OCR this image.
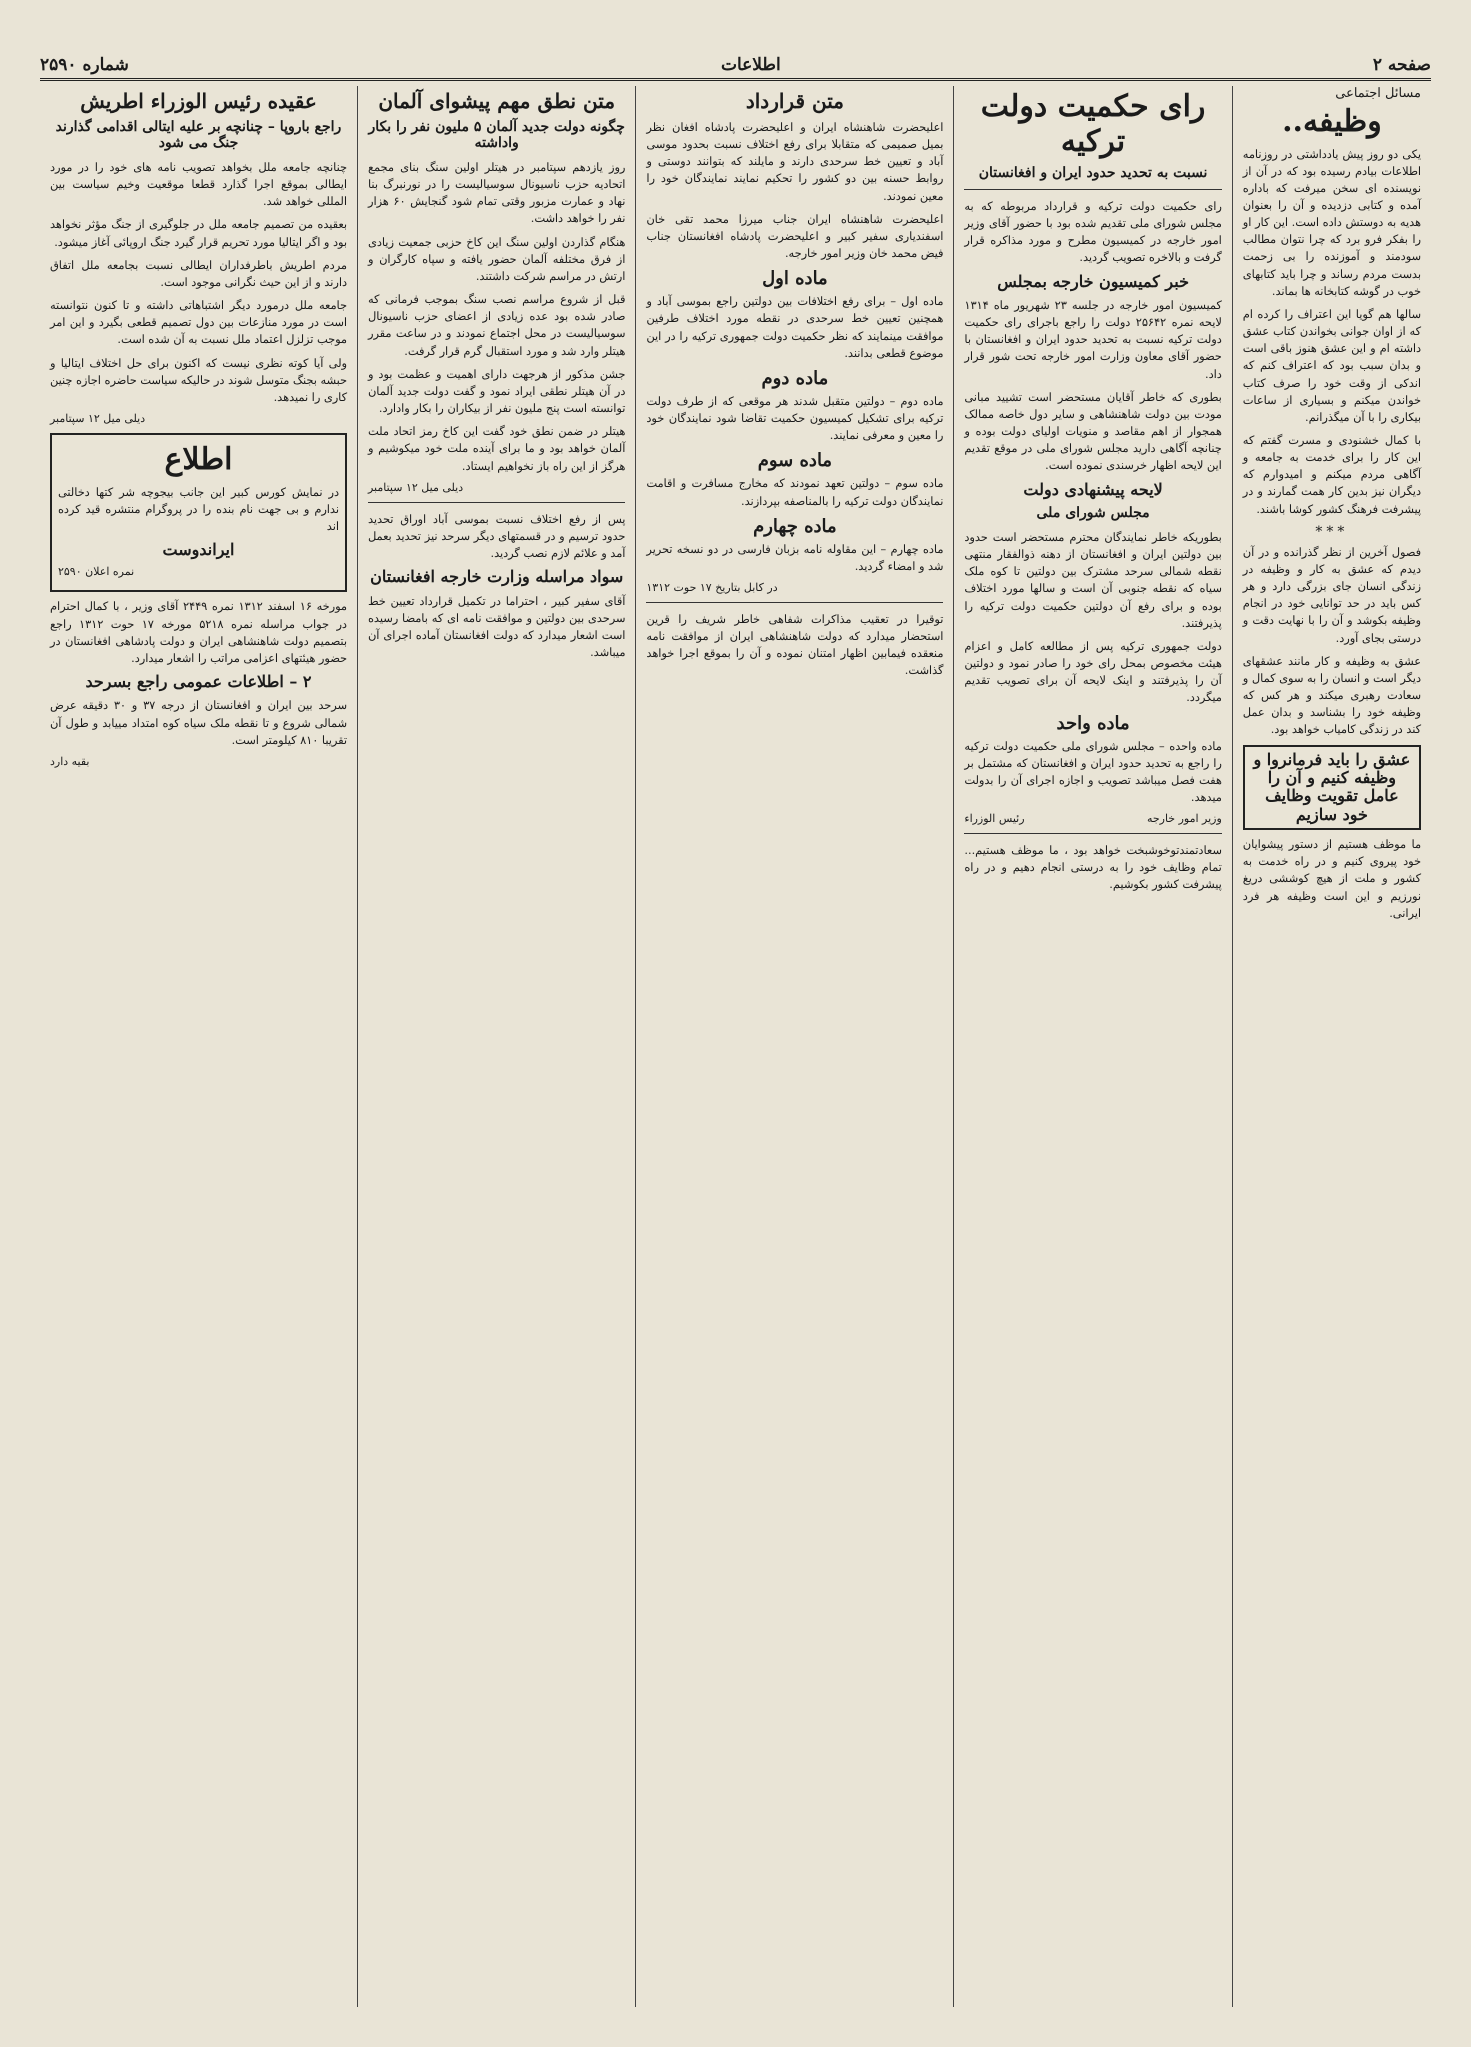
صفحه ۲
اطلاعات
شماره ۲۵۹۰

مسائل اجتماعی

وظیفه..

یکی دو روز پیش یادداشتی در روزنامه اطلاعات بیادم رسیده بود که در آن از نویسنده ای سخن میرفت که باداره آمده و کتابی دزدیده و آن را بعنوان هدیه به دوستش داده است. این کار او را بفکر فرو برد که چرا نتوان مطالب سودمند و آموزنده را بی زحمت بدست مردم رساند و چرا باید کتابهای خوب در گوشه کتابخانه ها بماند.

سالها هم گویا این اعتراف را کرده ام که از اوان جوانی بخواندن کتاب عشق داشته ام و این عشق هنوز باقی است و بدان سبب بود که اعتراف کنم که اندکی از وقت خود را صرف کتاب خواندن میکنم و بسیاری از ساعات بیکاری را با آن میگذرانم.

با کمال خشنودی و مسرت گفتم که این کار را برای خدمت به جامعه و آگاهی مردم میکنم و امیدوارم که دیگران نیز بدین کار همت گمارند و در پیشرفت فرهنگ کشور کوشا باشند.

***

فصول آخرین از نظر گذرانده و در آن دیدم که عشق به کار و وظیفه در زندگی انسان جای بزرگی دارد و هر کس باید در حد توانایی خود در انجام وظیفه بکوشد و آن را با نهایت دقت و درستی بجای آورد.

عشق به وظیفه و کار مانند عشقهای دیگر است و انسان را به سوی کمال و سعادت رهبری میکند و هر کس که وظیفه خود را بشناسد و بدان عمل کند در زندگی کامیاب خواهد بود.

عشق را باید فرمانروا و وظیفه کنیم و آن را عامل تقویت وظایف خود سازیم

ما موظف هستیم از دستور پیشوایان خود پیروی کنیم و در راه خدمت به کشور و ملت از هیچ کوششی دریغ نورزیم و این است وظیفه هر فرد ایرانی.

رای حکمیت دولت ترکیه
نسبت به تحدید حدود ایران و افغانستان

رای حکمیت دولت ترکیه و قرارداد مربوطه که به مجلس شورای ملی تقدیم شده بود با حضور آقای وزیر امور خارجه در کمیسیون مطرح و مورد مذاکره قرار گرفت و بالاخره تصویب گردید.

خبر کمیسیون خارجه بمجلس

کمیسیون امور خارجه در جلسه ۲۳ شهریور ماه ۱۳۱۴ لایحه نمره ۲۵۶۴۲ دولت را راجع باجرای رای حکمیت دولت ترکیه نسبت به تحدید حدود ایران و افغانستان با حضور آقای معاون وزارت امور خارجه تحت شور قرار داد.

بطوری که خاطر آقایان مستحضر است تشیید مبانی مودت بین دولت شاهنشاهی و سایر دول خاصه ممالک همجوار از اهم مقاصد و منویات اولیای دولت بوده و چنانچه آگاهی دارید مجلس شورای ملی در موقع تقدیم این لایحه اظهار خرسندی نموده است.

لایحه پیشنهادی دولت
مجلس شورای ملی

بطوریکه خاطر نمایندگان محترم مستحضر است حدود بین دولتین ایران و افغانستان از دهنه ذوالفقار منتهی نقطه شمالی سرحد مشترک بین دولتین تا کوه ملک سیاه که نقطه جنوبی آن است و سالها مورد اختلاف بوده و برای رفع آن دولتین حکمیت دولت ترکیه را پذیرفتند.

دولت جمهوری ترکیه پس از مطالعه کامل و اعزام هیئت مخصوص بمحل رای خود را صادر نمود و دولتین آن را پذیرفتند و اینک لایحه آن برای تصویب تقدیم میگردد.

ماده واحد

ماده واحده – مجلس شورای ملی حکمیت دولت ترکیه را راجع به تحدید حدود ایران و افغانستان که مشتمل بر هفت فصل میباشد تصویب و اجازه اجرای آن را بدولت میدهد.

وزیر امور خارجه
رئیس الوزراء

سعادتمندتوخوشبخت خواهد بود ، ما موظف هستیم... تمام وظایف خود را به درستی انجام دهیم و در راه پیشرفت کشور بکوشیم.

متن قرارداد

اعلیحضرت شاهنشاه ایران و اعلیحضرت پادشاه افغان نظر بمیل صمیمی که متقابلا برای رفع اختلاف نسبت بحدود موسی آباد و تعیین خط سرحدی دارند و مایلند که بتوانند دوستی و روابط حسنه بین دو کشور را تحکیم نمایند نمایندگان خود را معین نمودند.

اعلیحضرت شاهنشاه ایران جناب میرزا محمد تقی خان اسفندیاری سفیر کبیر و اعلیحضرت پادشاه افغانستان جناب فیض محمد خان وزیر امور خارجه.

ماده اول

ماده اول – برای رفع اختلافات بین دولتین راجع بموسی آباد و همچنین تعیین خط سرحدی در نقطه مورد اختلاف طرفین موافقت مینمایند که نظر حکمیت دولت جمهوری ترکیه را در این موضوع قطعی بدانند.

ماده دوم

ماده دوم – دولتین متقبل شدند هر موقعی که از طرف دولت ترکیه برای تشکیل کمیسیون حکمیت تقاضا شود نمایندگان خود را معین و معرفی نمایند.

ماده سوم

ماده سوم – دولتین تعهد نمودند که مخارج مسافرت و اقامت نمایندگان دولت ترکیه را بالمناصفه بپردازند.

ماده چهارم

ماده چهارم – این مقاوله نامه بزبان فارسی در دو نسخه تحریر شد و امضاء گردید.

در کابل بتاریخ ۱۷ حوت ۱۳۱۲

توقیرا در تعقیب مذاکرات شفاهی خاطر شریف را قرین استحضار میدارد که دولت شاهنشاهی ایران از موافقت نامه منعقده فیمابین اظهار امتنان نموده و آن را بموقع اجرا خواهد گذاشت.

متن نطق مهم پیشوای آلمان
چگونه دولت جدید آلمان ۵ ملیون نفر را بکار واداشته

روز یازدهم سپتامبر در هیتلر اولین سنگ بنای مجمع اتحادیه حزب ناسیونال سوسیالیست را در نورنبرگ بنا نهاد و عمارت مزبور وقتی تمام شود گنجایش ۶۰ هزار نفر را خواهد داشت.

هنگام گذاردن اولین سنگ این کاخ حزبی جمعیت زیادی از فرق مختلفه آلمان حضور یافته و سپاه کارگران و ارتش در مراسم شرکت داشتند.

قبل از شروع مراسم نصب سنگ بموجب فرمانی که صادر شده بود عده زیادی از اعضای حزب ناسیونال سوسیالیست در محل اجتماع نمودند و در ساعت مقرر هیتلر وارد شد و مورد استقبال گرم قرار گرفت.

جشن مذکور از هرجهت دارای اهمیت و عظمت بود و در آن هیتلر نطقی ایراد نمود و گفت دولت جدید آلمان توانسته است پنج ملیون نفر از بیکاران را بکار وادارد.

هیتلر در ضمن نطق خود گفت این کاخ رمز اتحاد ملت آلمان خواهد بود و ما برای آینده ملت خود میکوشیم و هرگز از این راه باز نخواهیم ایستاد.

دیلی میل ۱۲ سپتامبر

پس از رفع اختلاف نسبت بموسی آباد اوراق تحدید حدود ترسیم و در قسمتهای دیگر سرحد نیز تحدید بعمل آمد و علائم لازم نصب گردید.

سواد مراسله وزارت خارجه افغانستان

آقای سفیر کبیر ، احتراما در تکمیل قرارداد تعیین خط سرحدی بین دولتین و موافقت نامه ای که بامضا رسیده است اشعار میدارد که دولت افغانستان آماده اجرای آن میباشد.

عقیده رئیس الوزراء اطریش
راجع باروپا – چنانچه بر علیه ایتالی اقدامی گذارند جنگ می شود

چنانچه جامعه ملل بخواهد تصویب نامه های خود را در مورد ایطالی بموقع اجرا گذارد قطعا موقعیت وخیم سیاست بین المللی خواهد شد.

بعقیده من تصمیم جامعه ملل در جلوگیری از جنگ مؤثر نخواهد بود و اگر ایتالیا مورد تحریم قرار گیرد جنگ اروپائی آغاز میشود.

مردم اطریش باطرفداران ایطالی نسبت بجامعه ملل اتفاق دارند و از این حیث نگرانی موجود است.

جامعه ملل درمورد دیگر اشتباهاتی داشته و تا کنون نتوانسته است در مورد منازعات بین دول تصمیم قطعی بگیرد و این امر موجب تزلزل اعتماد ملل نسبت به آن شده است.

ولی آیا کوته نظری نیست که اکنون برای حل اختلاف ایتالیا و حبشه بجنگ متوسل شوند در حالیکه سیاست حاضره اجازه چنین کاری را نمیدهد.

دیلی میل ۱۲ سپتامبر

اطلاع

در نمایش کورس کبیر این جانب بیجوچه شر کتها دخالتی ندارم و بی جهت نام بنده را در پروگرام منتشره قید کرده اند

ایراندوست

نمره اعلان ۲۵۹۰

مورخه ۱۶ اسفند ۱۳۱۲ نمره ۲۴۴۹ آقای وزیر ، با کمال احترام در جواب مراسله نمره ۵۲۱۸ مورخه ۱۷ حوت ۱۳۱۲ راجع بتصمیم دولت شاهنشاهی ایران و دولت پادشاهی افغانستان در حضور هیئتهای اعزامی مراتب را اشعار میدارد.

۲ – اطلاعات عمومی راجع بسرحد

سرحد بین ایران و افغانستان از درجه ۳۷ و ۳۰ دقیقه عرض شمالی شروع و تا نقطه ملک سیاه کوه امتداد مییابد و طول آن تقریبا ۸۱۰ کیلومتر است.

بقیه دارد
